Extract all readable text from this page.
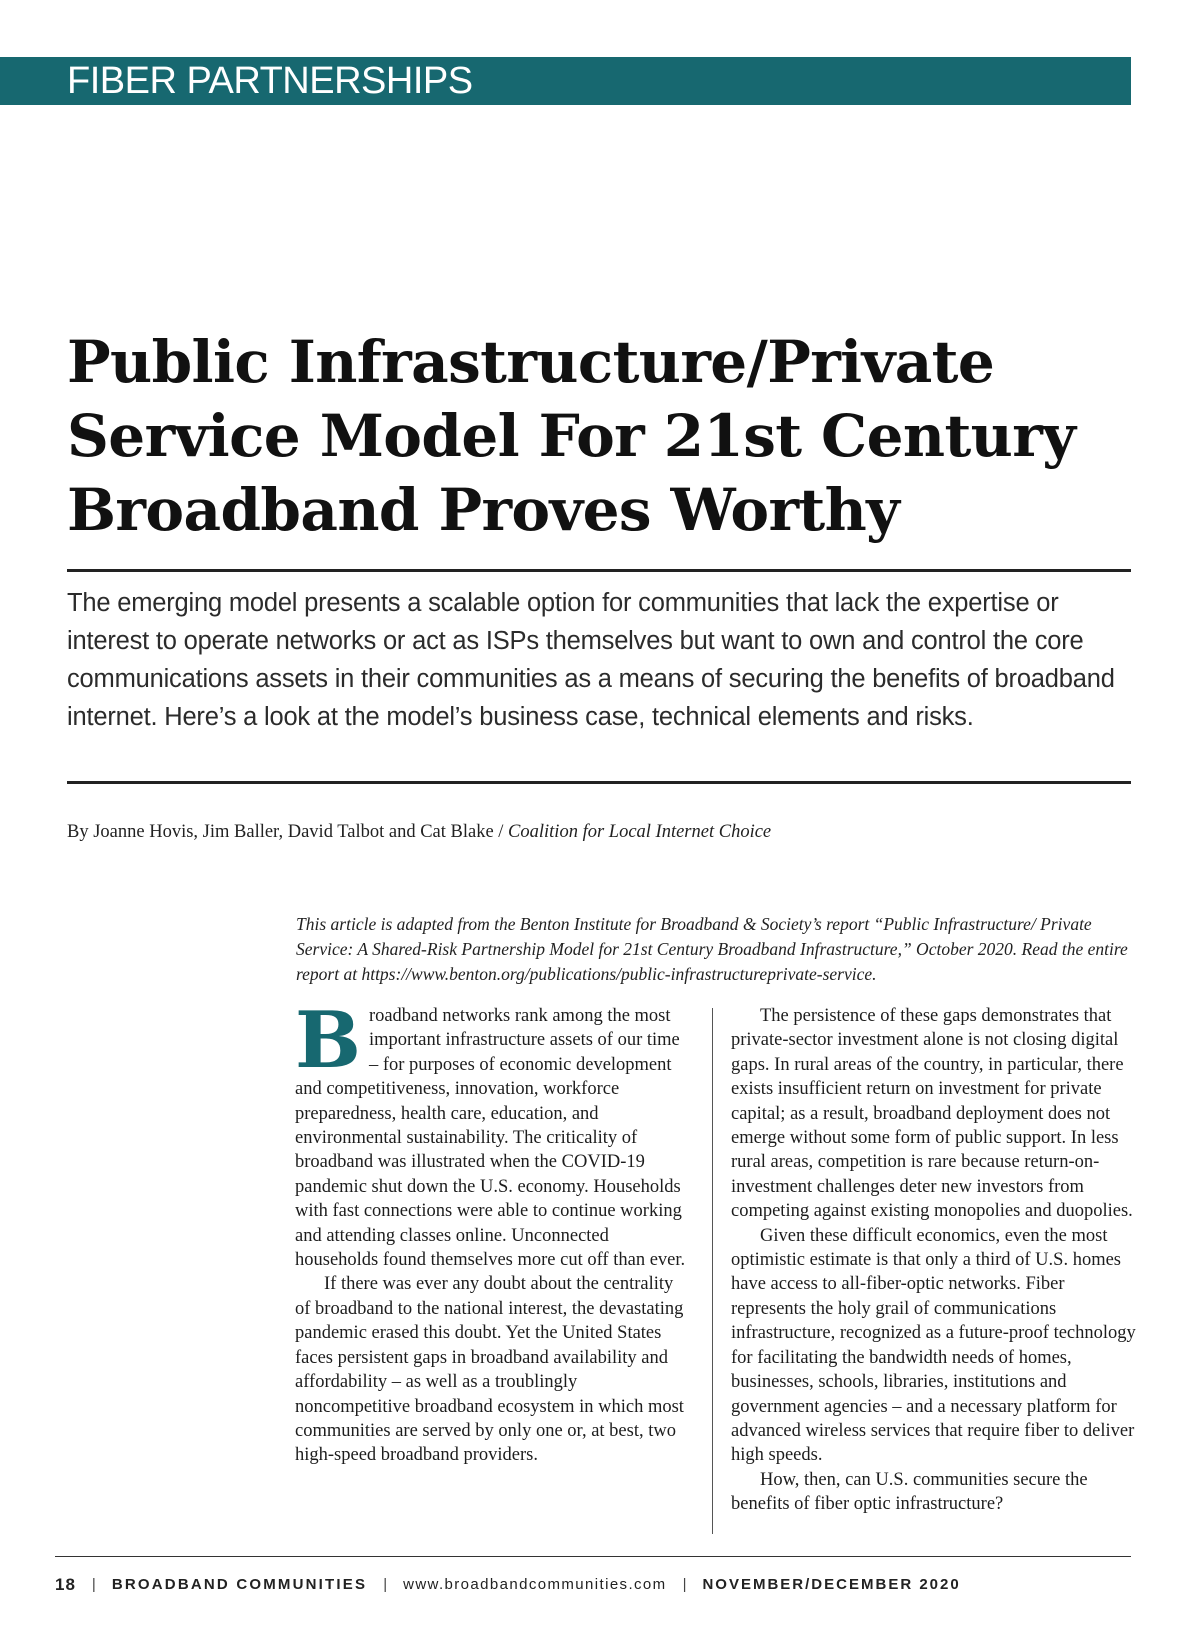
FIBER PARTNERSHIPS
Public Infrastructure/Private Service Model For 21st Century Broadband Proves Worthy

The emerging model presents a scalable option for communities that lack the expertise or interest to operate networks or act as ISPs themselves but want to own and control the core communications assets in their communities as a means of securing the benefits of broadband internet. Here’s a look at the model’s business case, technical elements and risks.

By Joanne Hovis, Jim Baller, David Talbot and Cat Blake / Coalition for Local Internet Choice

This article is adapted from the Benton Institute for Broadband & Society’s report “Public Infrastructure/ Private Service: A Shared-Risk Partnership Model for 21st Century Broadband Infrastructure,” October 2020. Read the entire report at https://www.benton.org/publications/public-infrastructureprivate-service.

Broadband networks rank among the most important infrastructure assets of our time – for purposes of economic development and competitiveness, innovation, workforce preparedness, health care, education, and environmental sustainability. The criticality of broadband was illustrated when the COVID-19 pandemic shut down the U.S. economy. Households with fast connections were able to continue working and attending classes online. Unconnected households found themselves more cut off than ever.

If there was ever any doubt about the centrality of broadband to the national interest, the devastating pandemic erased this doubt. Yet the United States faces persistent gaps in broadband availability and affordability – as well as a troublingly noncompetitive broadband ecosystem in which most communities are served by only one or, at best, two high-speed broadband providers.

The persistence of these gaps demonstrates that private-sector investment alone is not closing digital gaps. In rural areas of the country, in particular, there exists insufficient return on investment for private capital; as a result, broadband deployment does not emerge without some form of public support. In less rural areas, competition is rare because return-on-investment challenges deter new investors from competing against existing monopolies and duopolies.

Given these difficult economics, even the most optimistic estimate is that only a third of U.S. homes have access to all-fiber-optic networks. Fiber represents the holy grail of communications infrastructure, recognized as a future-proof technology for facilitating the bandwidth needs of homes, businesses, schools, libraries, institutions and government agencies – and a necessary platform for advanced wireless services that require fiber to deliver high speeds.

How, then, can U.S. communities secure the benefits of fiber optic infrastructure?

18 | BROADBAND COMMUNITIES | www.broadbandcommunities.com | NOVEMBER/DECEMBER 2020
